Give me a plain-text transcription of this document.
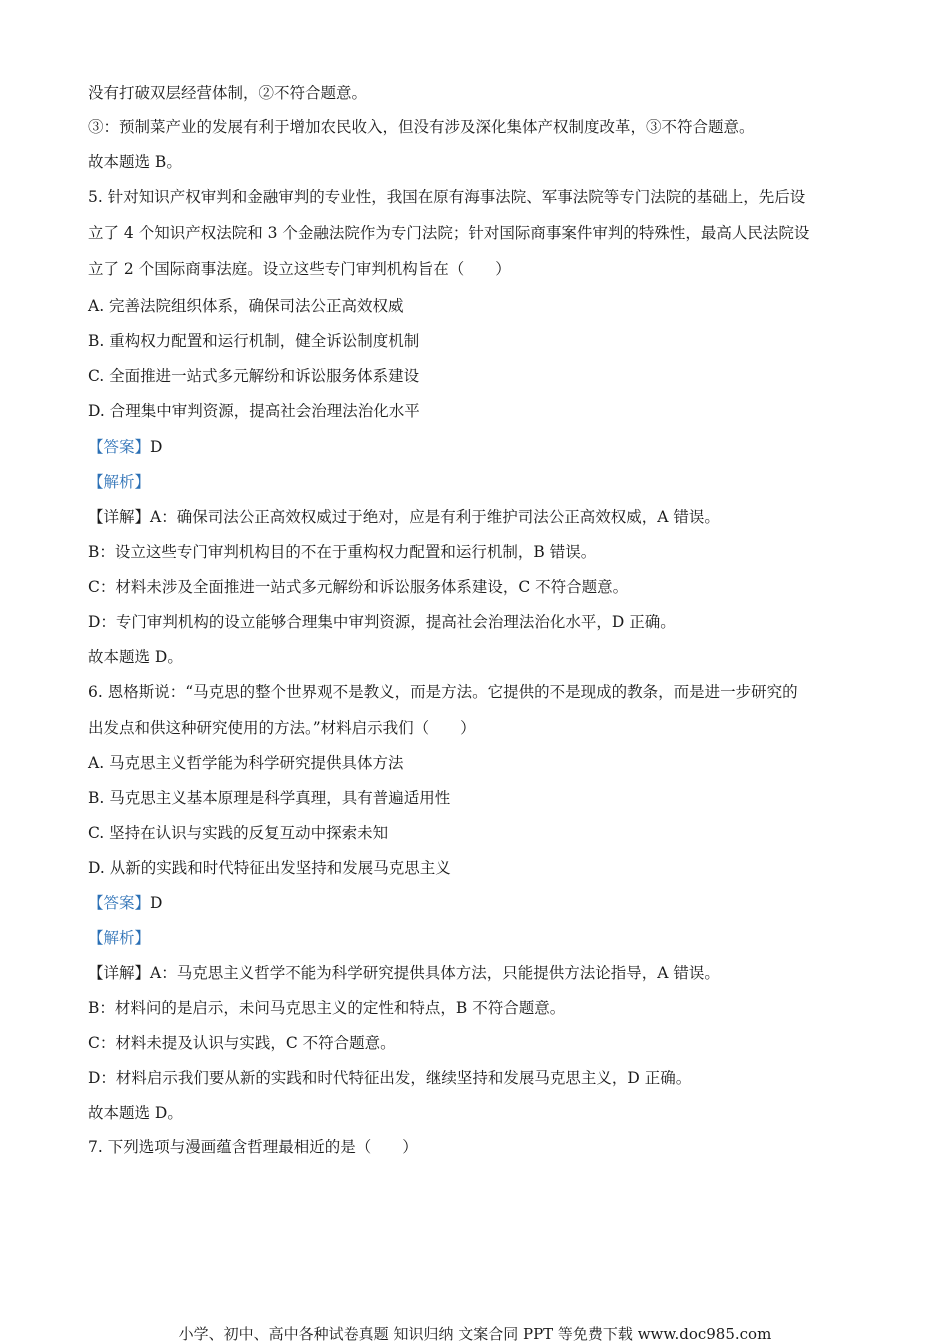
没有打破双层经营体制，②不符合题意。
③：预制菜产业的发展有利于增加农民收入，但没有涉及深化集体产权制度改革，③不符合题意。
故本题选 B。
5. 针对知识产权审判和金融审判的专业性，我国在原有海事法院、军事法院等专门法院的基础上，先后设
立了 4 个知识产权法院和 3 个金融法院作为专门法院；针对国际商事案件审判的特殊性，最高人民法院设
立了 2 个国际商事法庭。设立这些专门审判机构旨在（　　）
A. 完善法院组织体系，确保司法公正高效权威
B. 重构权力配置和运行机制，健全诉讼制度机制
C. 全面推进一站式多元解纷和诉讼服务体系建设
D. 合理集中审判资源，提高社会治理法治化水平
【答案】D
【解析】
【详解】A：确保司法公正高效权威过于绝对，应是有利于维护司法公正高效权威，A 错误。
B：设立这些专门审判机构目的不在于重构权力配置和运行机制，B 错误。
C：材料未涉及全面推进一站式多元解纷和诉讼服务体系建设，C 不符合题意。
D：专门审判机构的设立能够合理集中审判资源，提高社会治理法治化水平，D 正确。
故本题选 D。
6. 恩格斯说：“马克思的整个世界观不是教义，而是方法。它提供的不是现成的教条，而是进一步研究的
出发点和供这种研究使用的方法。”材料启示我们（　　）
A. 马克思主义哲学能为科学研究提供具体方法
B. 马克思主义基本原理是科学真理，具有普遍适用性
C. 坚持在认识与实践的反复互动中探索未知
D. 从新的实践和时代特征出发坚持和发展马克思主义
【答案】D
【解析】
【详解】A：马克思主义哲学不能为科学研究提供具体方法，只能提供方法论指导，A 错误。
B：材料问的是启示，未问马克思主义的定性和特点，B 不符合题意。
C：材料未提及认识与实践，C 不符合题意。
D：材料启示我们要从新的实践和时代特征出发，继续坚持和发展马克思主义，D 正确。
故本题选 D。
7. 下列选项与漫画蕴含哲理最相近的是（　　）
小学、初中、高中各种试卷真题 知识归纳 文案合同 PPT 等免费下载 www.doc985.com
